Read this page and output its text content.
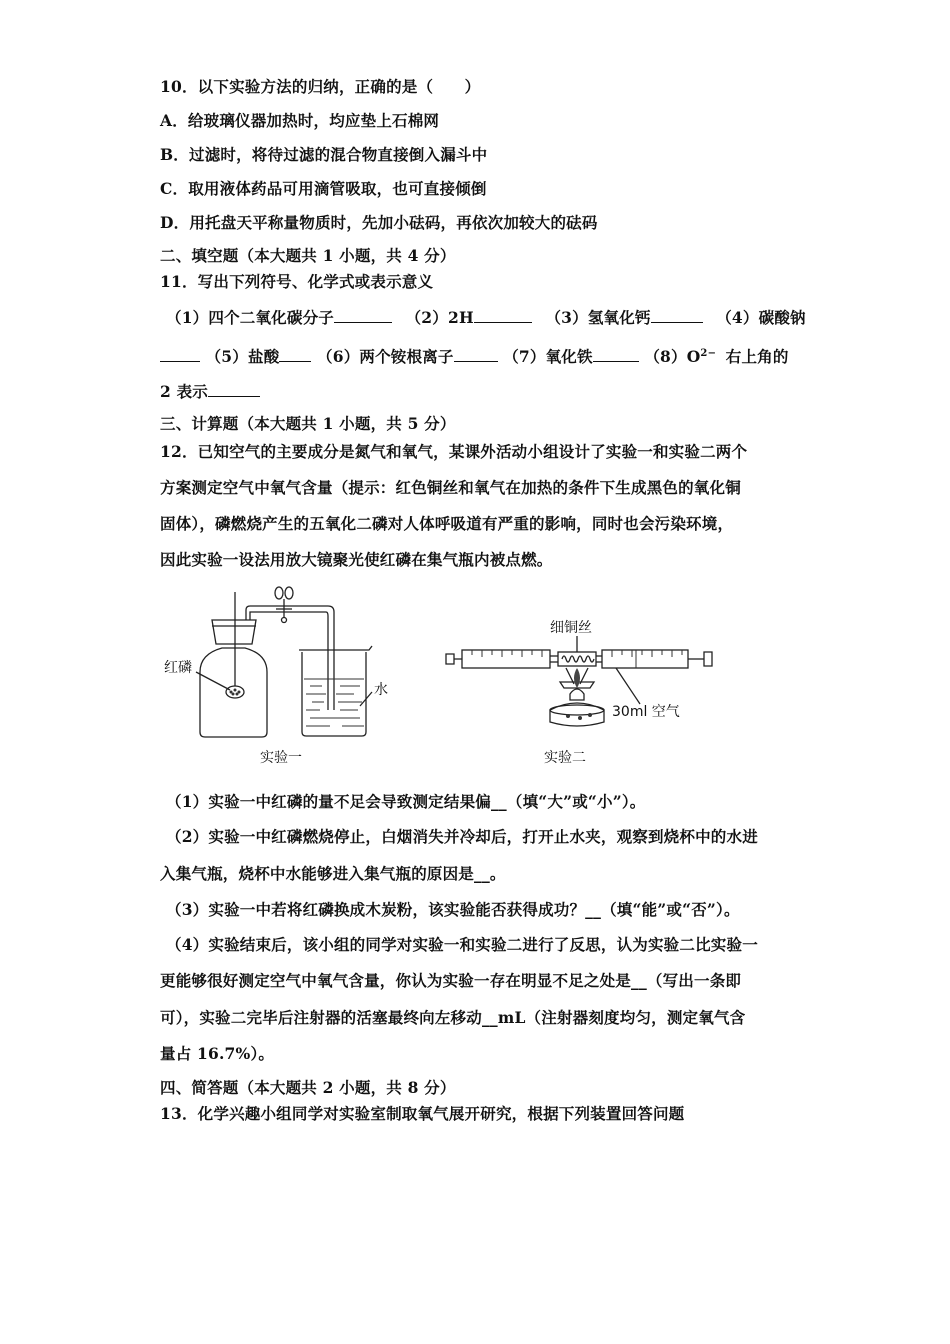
10．以下实验方法的归纳，正确的是（　　）
A．给玻璃仪器加热时，均应垫上石棉网
B．过滤时，将待过滤的混合物直接倒入漏斗中
C．取用液体药品可用滴管吸取，也可直接倾倒
D．用托盘天平称量物质时，先加小砝码，再依次加较大的砝码
二、填空题（本大题共 1 小题，共 4 分）
11．写出下列符号、化学式或表示意义
（1）四个二氧化碳分子	（2）2H	（3）氢氧化钙	（4）碳酸钠
（5）盐酸 （6）两个铵根离子	（7）氧化铁	$(8)O^{2-}$ 右上角的
2 表示
三、计算题（本大题共 1 小题，共 5 分）
12．已知空气的主要成分是氮气和氧气，某课外活动小组设计了实验一和实验二两个
方案测定空气中氧气含量（提示：红色铜丝和氧气在加热的条件下生成黑色的氧化铜
固体），磷燃烧产生的五氧化二磷对人体呼吸道有严重的影响，同时也会污染环境，
因此实验一设法用放大镜聚光使红磷在集气瓶内被点燃。
红磷
水
实验一
细铜丝
30ml 空气
实验二
（1）实验一中红磷的量不足会导致测定结果偏__（填“大”或“小”）。
（2）实验一中红磷燃烧停止，白烟消失并冷却后，打开止水夹，观察到烧杯中的水进
入集气瓶，烧杯中水能够进入集气瓶的原因是__。
（3）实验一中若将红磷换成木炭粉，该实验能否获得成功？__（填“能”或“否”）。
（4）实验结束后，该小组的同学对实验一和实验二进行了反思，认为实验二比实验一
更能够很好测定空气中氧气含量，你认为实验一存在明显不足之处是__（写出一条即
可），实验二完毕后注射器的活塞最终向左移动__mL（注射器刻度均匀，测定氧气含
量占 16.7%）。
四、简答题（本大题共 2 小题，共 8 分）
13．化学兴趣小组同学对实验室制取氧气展开研究，根据下列装置回答问题
